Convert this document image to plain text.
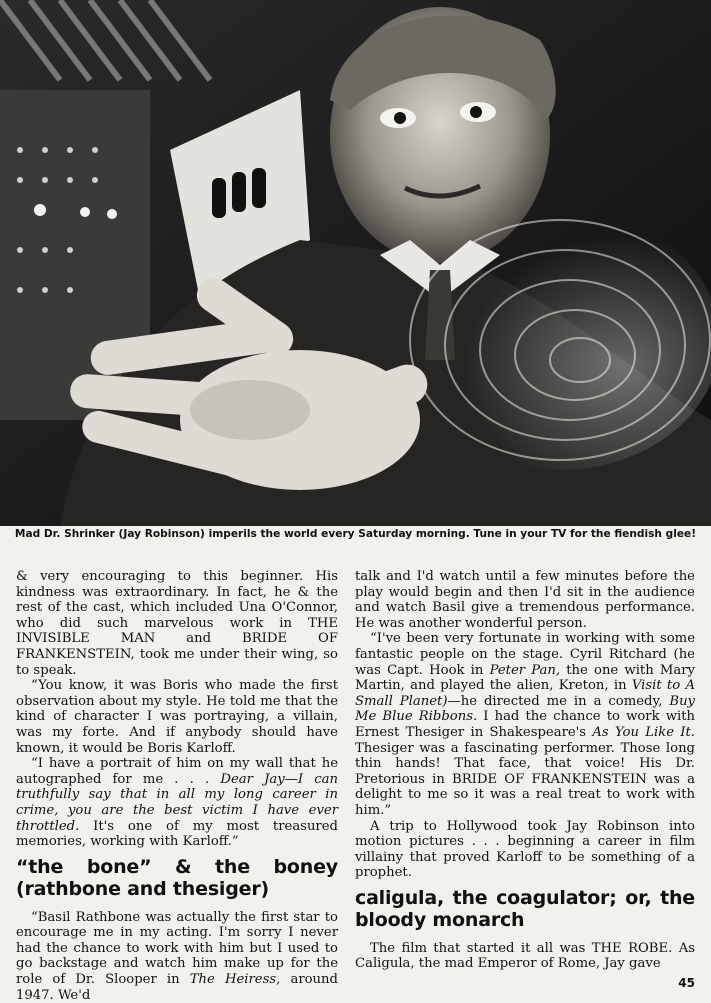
Mad Dr. Shrinker (Jay Robinson) imperils the world every Saturday morning. Tune in your TV for the fiendish glee!

& very encouraging to this beginner. His kindness was extraordinary. In fact, he & the rest of the cast, which included Una O'Connor, who did such marvelous work in THE INVISIBLE MAN and BRIDE OF FRANKENSTEIN, took me under their wing, so to speak.

“You know, it was Boris who made the first observation about my style. He told me that the kind of character I was portraying, a villain, was my forte. And if anybody should have known, it would be Boris Karloff.

“I have a portrait of him on my wall that he autographed for me . . . Dear Jay—I can truthfully say that in all my long career in crime, you are the best victim I have ever throttled. It's one of my most treasured memories, working with Karloff.”

“the bone” & the boney (rathbone and thesiger)

“Basil Rathbone was actually the first star to encourage me in my acting. I'm sorry I never had the chance to work with him but I used to go backstage and watch him make up for the role of Dr. Slooper in The Heiress, around 1947. We'd

talk and I'd watch until a few minutes before the play would begin and then I'd sit in the audience and watch Basil give a tremendous performance. He was another wonderful person.

“I've been very fortunate in working with some fantastic people on the stage. Cyril Ritchard (he was Capt. Hook in Peter Pan, the one with Mary Martin, and played the alien, Kreton, in Visit to A Small Planet)—he directed me in a comedy, Buy Me Blue Ribbons. I had the chance to work with Ernest Thesiger in Shakespeare's As You Like It. Thesiger was a fascinating performer. Those long thin hands! That face, that voice! His Dr. Pretorious in BRIDE OF FRANKENSTEIN was a delight to me so it was a real treat to work with him.”

A trip to Hollywood took Jay Robinson into motion pictures . . . beginning a career in film villainy that proved Karloff to be something of a prophet.

caligula, the coagulator; or, the bloody monarch

The film that started it all was THE ROBE. As Caligula, the mad Emperor of Rome, Jay gave

45
